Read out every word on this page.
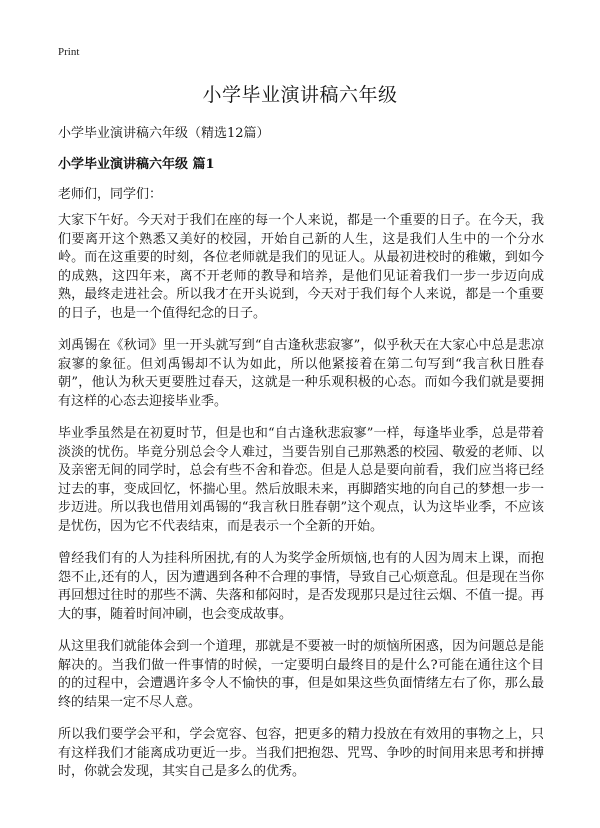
Print
小学毕业演讲稿六年级

小学毕业演讲稿六年级（精选12篇）

小学毕业演讲稿六年级 篇1

老师们，同学们：

大家下午好。今天对于我们在座的每一个人来说，都是一个重要的日子。在今天，我们要离开这个熟悉又美好的校园，开始自己新的人生，这是我们人生中的一个分水岭。而在这重要的时刻，各位老师就是我们的见证人。从最初进校时的稚嫩，到如今的成熟，这四年来，离不开老师的教导和培养，是他们见证着我们一步一步迈向成熟，最终走进社会。所以我才在开头说到，今天对于我们每个人来说，都是一个重要的日子，也是一个值得纪念的日子。

刘禹锡在《秋词》里一开头就写到“自古逢秋悲寂寥”，似乎秋天在大家心中总是悲凉寂寥的象征。但刘禹锡却不认为如此，所以他紧接着在第二句写到“我言秋日胜春朝”，他认为秋天更要胜过春天，这就是一种乐观积极的心态。而如今我们就是要拥有这样的心态去迎接毕业季。

毕业季虽然是在初夏时节，但是也和“自古逢秋悲寂寥”一样，每逢毕业季，总是带着淡淡的忧伤。毕竟分别总会令人难过，当要告别自己那熟悉的校园、敬爱的老师、以及亲密无间的同学时，总会有些不舍和眷恋。但是人总是要向前看，我们应当将已经过去的事，变成回忆，怀揣心里。然后放眼未来，再脚踏实地的向自己的梦想一步一步迈进。所以我也借用刘禹锡的“我言秋日胜春朝”这个观点，认为这毕业季，不应该是忧伤，因为它不代表结束，而是表示一个全新的开始。

曾经我们有的人为挂科所困扰,有的人为奖学金所烦恼,也有的人因为周末上课，而抱怨不止,还有的人，因为遭遇到各种不合理的事情，导致自己心烦意乱。但是现在当你再回想过往时的那些不满、失落和郁闷时，是否发现那只是过往云烟、不值一提。再大的事，随着时间冲刷，也会变成故事。

从这里我们就能体会到一个道理，那就是不要被一时的烦恼所困惑，因为问题总是能解决的。当我们做一件事情的时候，一定要明白最终目的是什么?可能在通往这个目的的过程中，会遭遇许多令人不愉快的事，但是如果这些负面情绪左右了你，那么最终的结果一定不尽人意。

所以我们要学会平和，学会宽容、包容，把更多的精力投放在有效用的事物之上，只有这样我们才能离成功更近一步。当我们把抱怨、咒骂、争吵的时间用来思考和拼搏时，你就会发现，其实自己是多么的优秀。
